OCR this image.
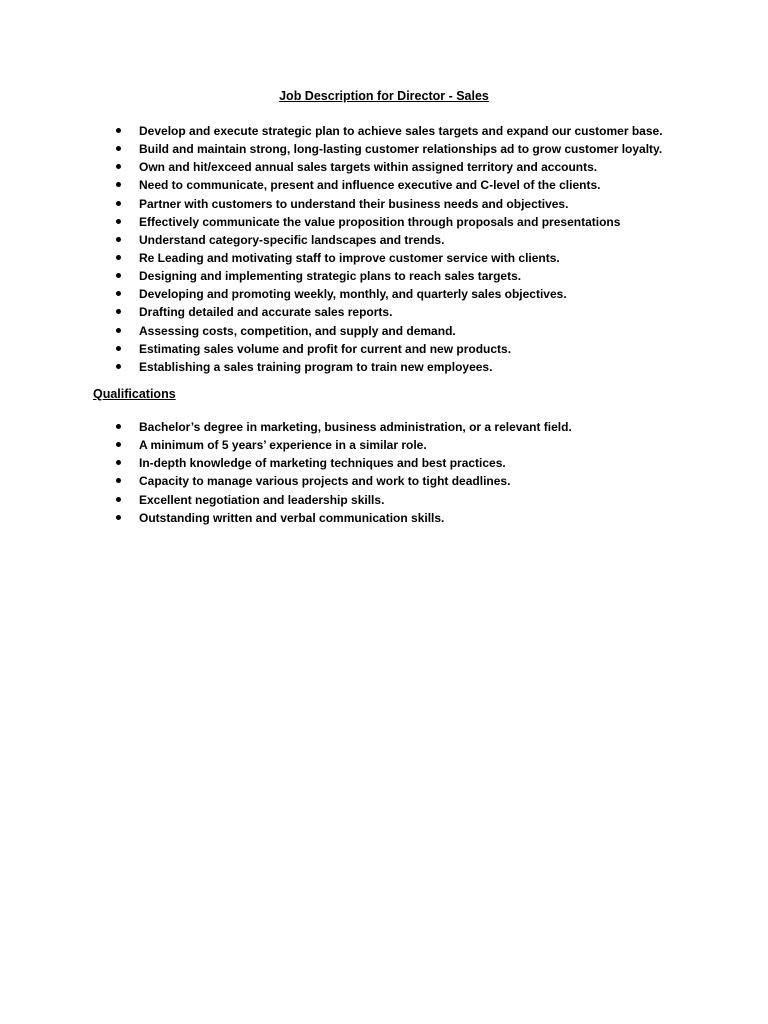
Job Description for Director - Sales
Develop and execute strategic plan to achieve sales targets and expand our customer base.
Build and maintain strong, long-lasting customer relationships ad to grow customer loyalty.
Own and hit/exceed annual sales targets within assigned territory and accounts.
Need to communicate, present and influence executive and C-level of the clients.
Partner with customers to understand their business needs and objectives.
Effectively communicate the value proposition through proposals and presentations
Understand category-specific landscapes and trends.
Re Leading and motivating staff to improve customer service with clients.
Designing and implementing strategic plans to reach sales targets.
Developing and promoting weekly, monthly, and quarterly sales objectives.
Drafting detailed and accurate sales reports.
Assessing costs, competition, and supply and demand.
Estimating sales volume and profit for current and new products.
Establishing a sales training program to train new employees.
Qualifications
Bachelor’s degree in marketing, business administration, or a relevant field.
A minimum of 5 years’ experience in a similar role.
In-depth knowledge of marketing techniques and best practices.
Capacity to manage various projects and work to tight deadlines.
Excellent negotiation and leadership skills.
Outstanding written and verbal communication skills.
